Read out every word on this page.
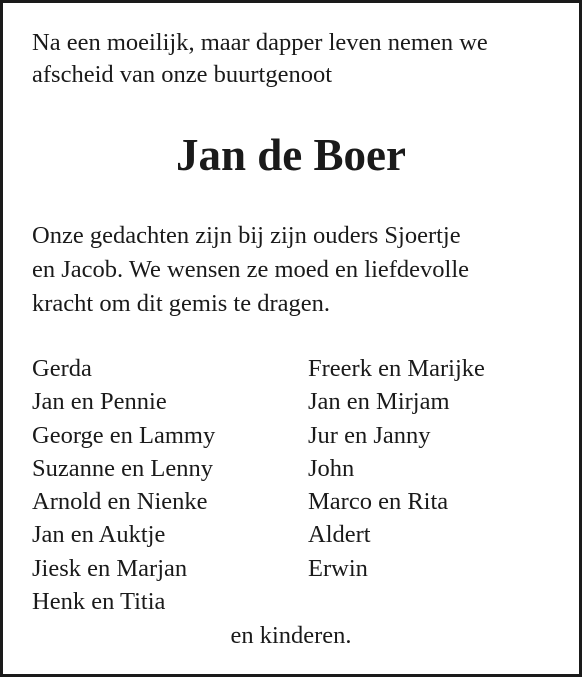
Na een moeilijk, maar dapper leven nemen we
afscheid van onze buurtgenoot
Jan de Boer
Onze gedachten zijn bij zijn ouders Sjoertje
en Jacob. We wensen ze moed en liefdevolle
kracht om dit gemis te dragen.
Gerda
Jan en Pennie
George en Lammy
Suzanne en Lenny
Arnold en Nienke
Jan en Auktje
Jiesk en Marjan
Henk en Titia
Freerk en Marijke
Jan en Mirjam
Jur en Janny
John
Marco en Rita
Aldert
Erwin
en kinderen.
